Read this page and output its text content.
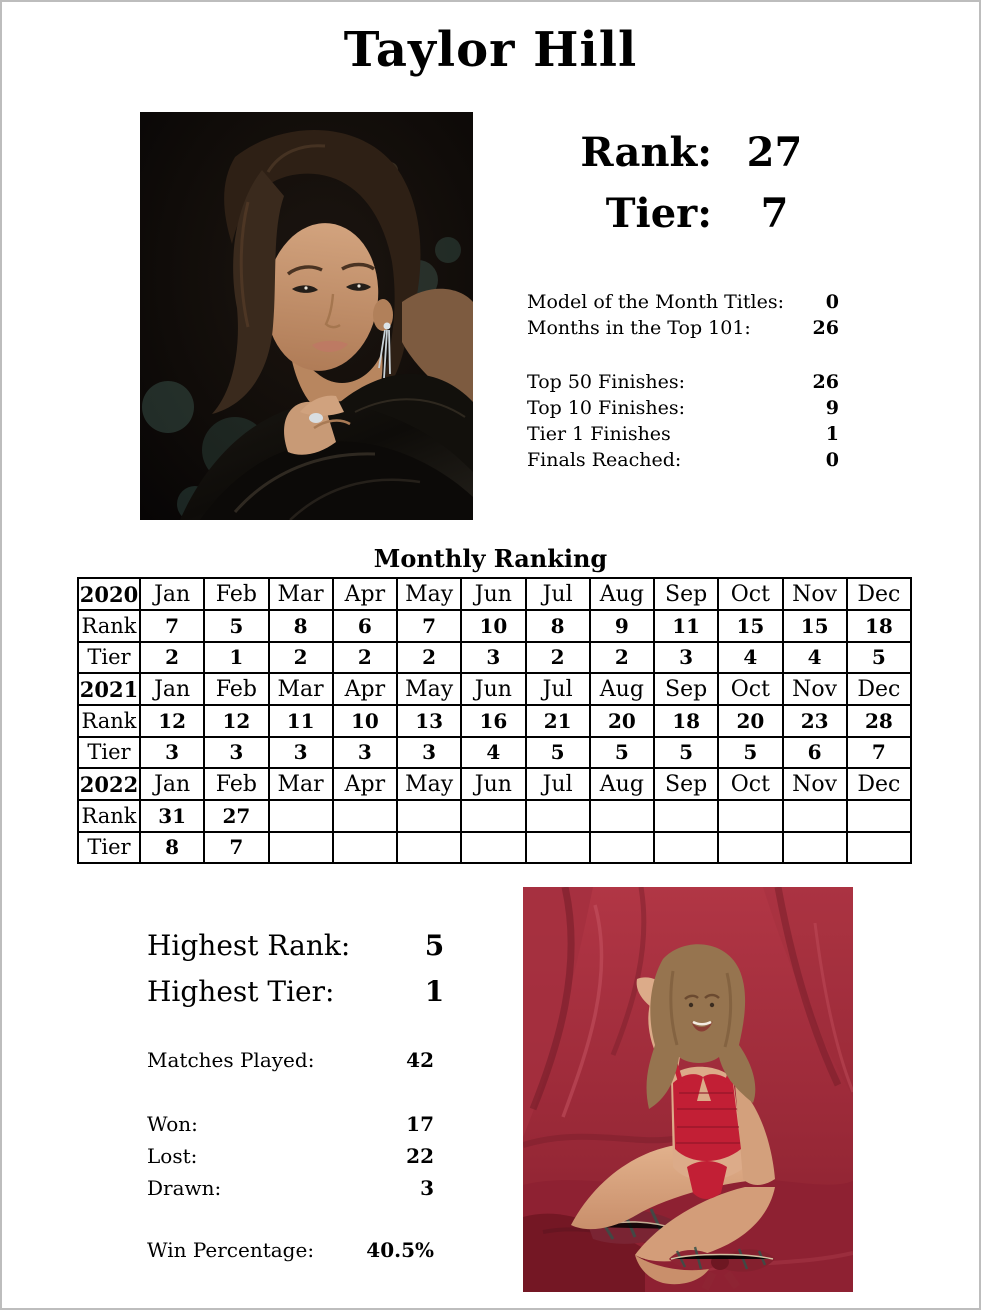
Taylor Hill
Rank: 27
Tier:	7
Model of the Month Titles: 0
Months in the Top 101:	26
Top 50 Finishes:	26
Top 10 Finishes:	9
Tier 1 Finishes	1
Finals Reached:	0
Monthly Ranking
2020	Jan	Feb	Mar	Apr	May	Jun	Jul	Aug	Sep	Oct	Nov	Dec
Rank	7	5	8	6	7	10	8	9	11	15	15	18
Tier	2	1	2	2	2	3	2	2	3	4	4	5
2021	Jan	Feb	Mar	Apr	May	Jun	Jul	Aug	Sep	Oct	Nov	Dec
Rank	12	12	11	10	13	16	21	20	18	20	23	28
Tier	3	3	3	3	3	4	5	5	5	5	6	7
2022	Jan	Feb	Mar	Apr	May	Jun	Jul	Aug	Sep	Oct	Nov	Dec
Rank	31	27										
Tier	8	7										
Highest Rank:	5
Highest Tier:	1
Matches Played:	42
Won:	17
Lost:	22
Drawn:	3
Win Percentage:	40.5%
